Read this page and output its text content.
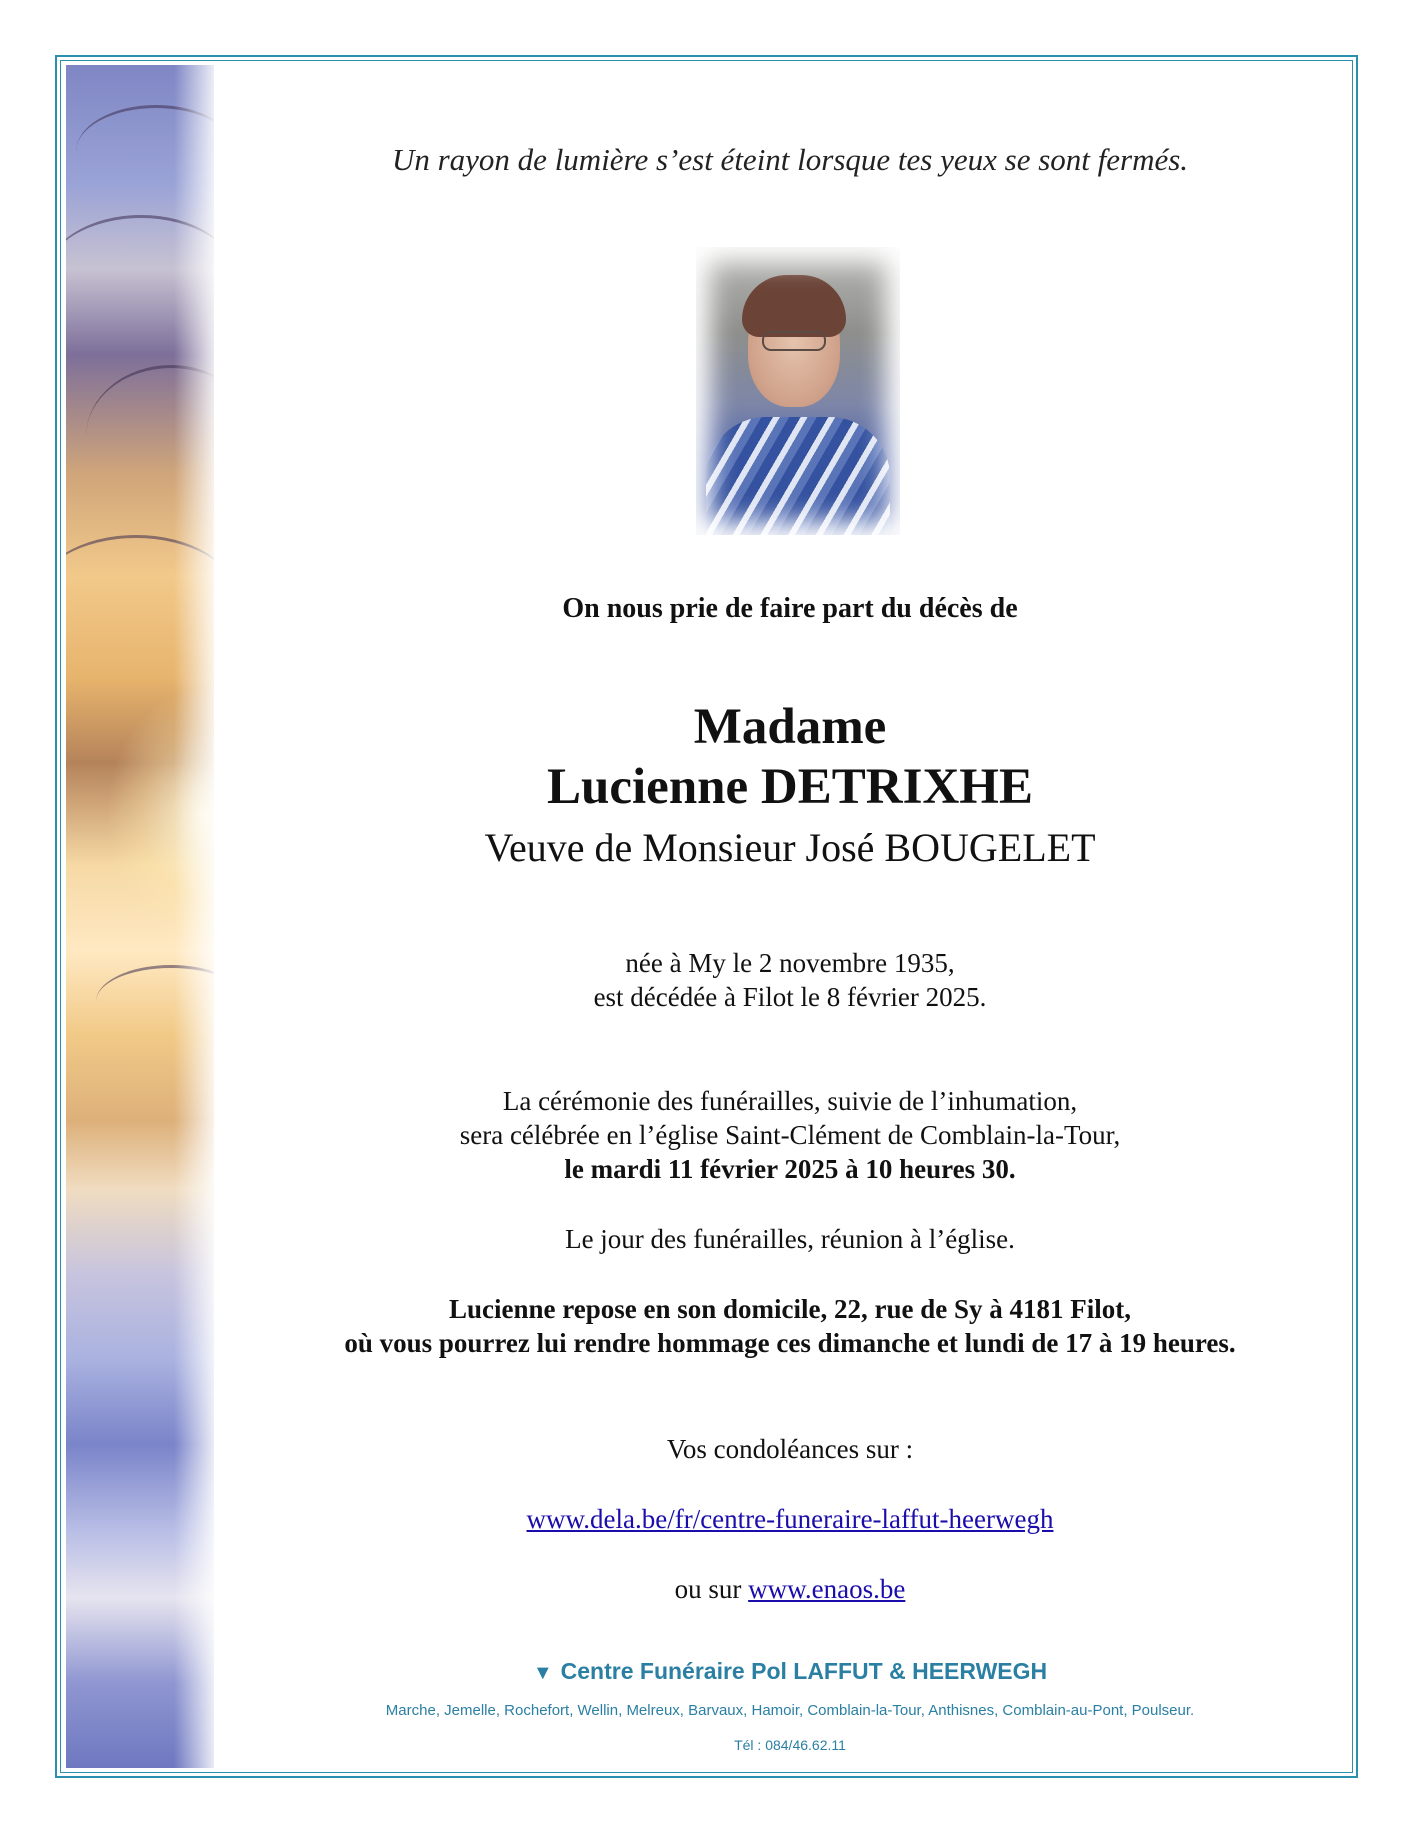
Un rayon de lumière s’est éteint lorsque tes yeux se sont fermés.
On nous prie de faire part du décès de
Madame
Lucienne DETRIXHE
Veuve de Monsieur José BOUGELET
née à My le 2 novembre 1935,
est décédée à Filot le 8 février 2025.
La cérémonie des funérailles, suivie de l’inhumation,
sera célébrée en l’église Saint-Clément de Comblain-la-Tour,
le mardi 11 février 2025 à 10 heures 30.
Le jour des funérailles, réunion à l’église.
Lucienne repose en son domicile, 22, rue de Sy à 4181 Filot,
où vous pourrez lui rendre hommage ces dimanche et lundi de 17 à 19 heures.
Vos condoléances sur :
www.dela.be/fr/centre-funeraire-laffut-heerwegh
ou sur www.enaos.be
▼ Centre Funéraire Pol LAFFUT & HEERWEGH
Marche, Jemelle, Rochefort, Wellin, Melreux, Barvaux, Hamoir, Comblain-la-Tour, Anthisnes, Comblain-au-Pont, Poulseur.
Tél : 084/46.62.11
